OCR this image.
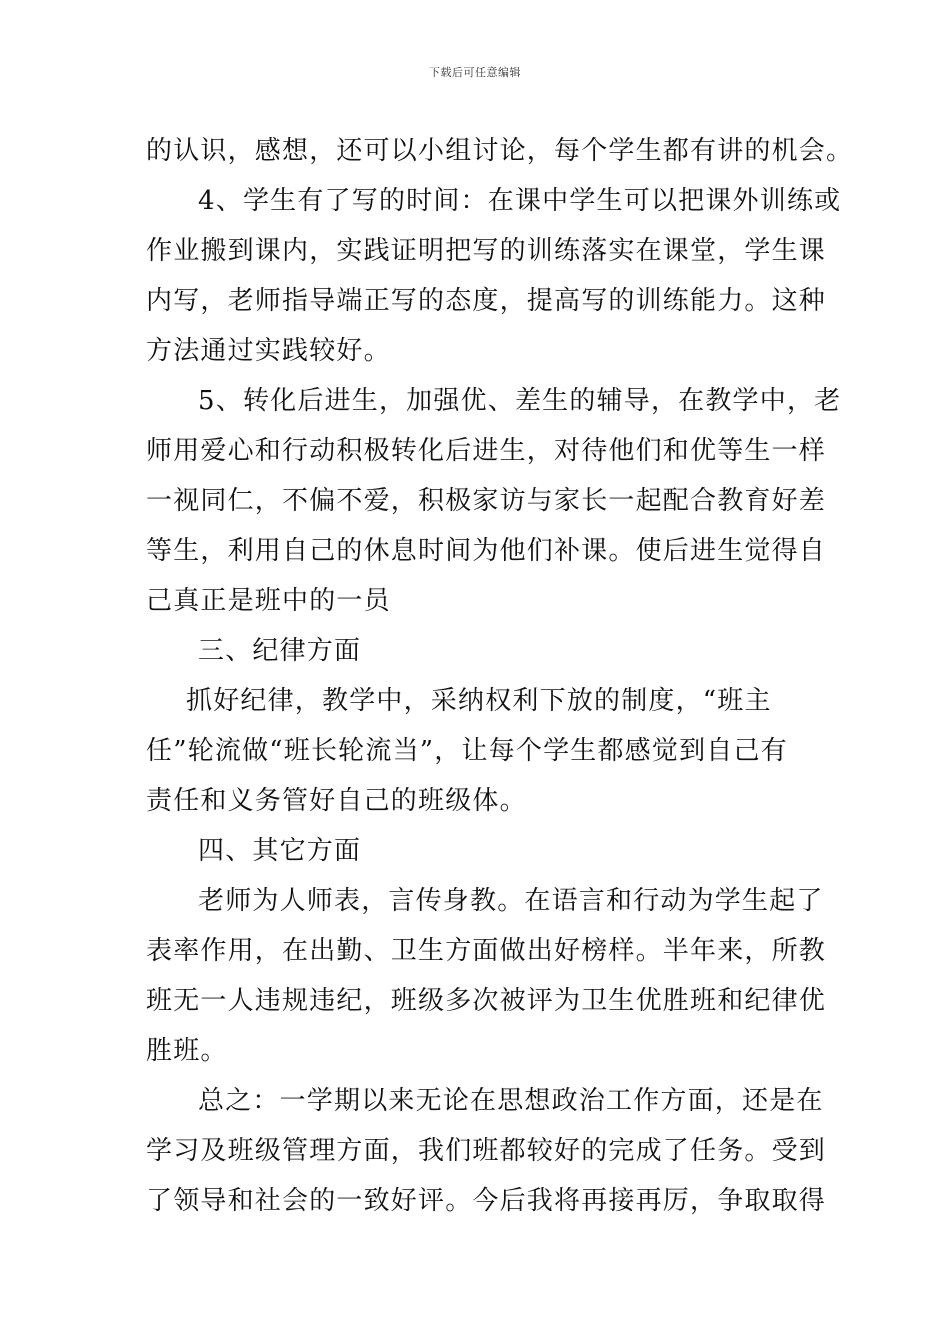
下载后可任意编辑
的认识，感想，还可以小组讨论，每个学生都有讲的机会。
4、学生有了写的时间：在课中学生可以把课外训练或
作业搬到课内，实践证明把写的训练落实在课堂，学生课
内写，老师指导端正写的态度，提高写的训练能力。这种
方法通过实践较好。
5、转化后进生，加强优、差生的辅导，在教学中，老
师用爱心和行动积极转化后进生，对待他们和优等生一样
一视同仁，不偏不爱，积极家访与家长一起配合教育好差
等生，利用自己的休息时间为他们补课。使后进生觉得自
己真正是班中的一员
三、纪律方面
抓好纪律，教学中，采纳权利下放的制度，“班主
任”轮流做“班长轮流当”，让每个学生都感觉到自己有
责任和义务管好自己的班级体。
四、其它方面
老师为人师表，言传身教。在语言和行动为学生起了
表率作用，在出勤、卫生方面做出好榜样。半年来，所教
班无一人违规违纪，班级多次被评为卫生优胜班和纪律优
胜班。
总之：一学期以来无论在思想政治工作方面，还是在
学习及班级管理方面，我们班都较好的完成了任务。受到
了领导和社会的一致好评。今后我将再接再厉，争取取得
